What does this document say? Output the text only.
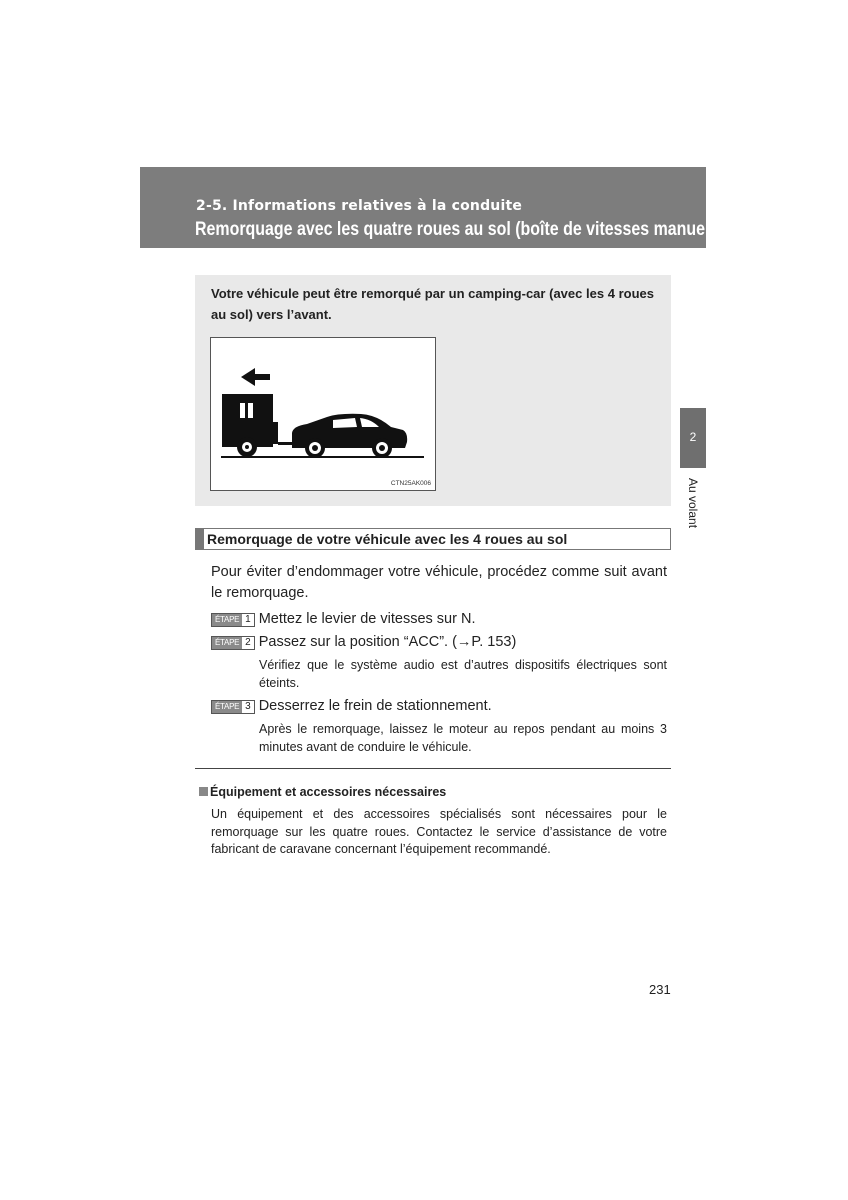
2-5. Informations relatives à la conduite
Remorquage avec les quatre roues au sol (boîte de vitesses manuelle)
Votre véhicule peut être remorqué par un camping-car (avec les 4 roues au sol) vers l’avant.
CTN25AK006
2
Au volant
Remorquage de votre véhicule avec les 4 roues au sol
Pour éviter d’endommager votre véhicule, procédez comme suit avant le remorquage.
ÉTAPE 1 Mettez le levier de vitesses sur N.
ÉTAPE 2 Passez sur la position “ACC”. (→P. 153)
Vérifiez que le système audio est d’autres dispositifs électriques sont éteints.
ÉTAPE 3 Desserrez le frein de stationnement.
Après le remorquage, laissez le moteur au repos pendant au moins 3 minutes avant de conduire le véhicule.
Équipement et accessoires nécessaires
Un équipement et des accessoires spécialisés sont nécessaires pour le remorquage sur les quatre roues. Contactez le service d’assistance de votre fabricant de caravane concernant l’équipement recommandé.
231
